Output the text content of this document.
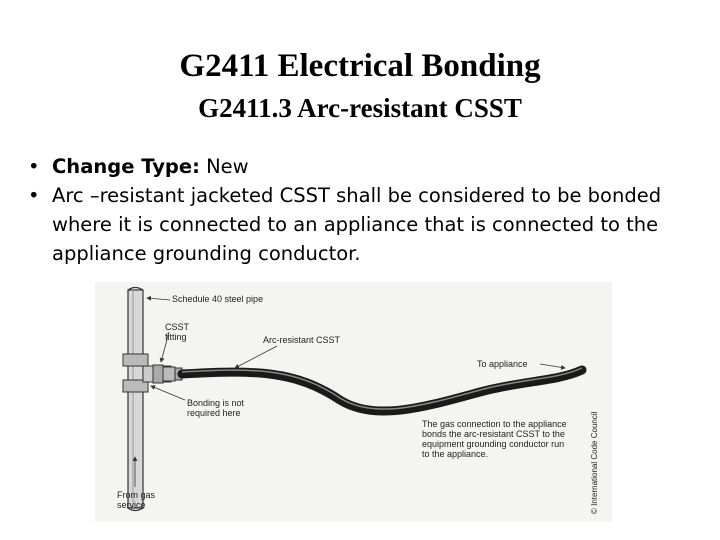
G2411 Electrical Bonding
G2411.3 Arc-resistant CSST
• Change Type: New
• Arc –resistant jacketed CSST shall be considered to be bonded where it is connected to an appliance that is connected to the appliance grounding conductor.
Schedule 40 steel pipe
CSST
fitting	Arc-resistant CSST
To appliance
Bonding is not
required here
The gas connection to the appliance
bonds the arc-resistant CSST to the
equipment grounding conductor run
to the appliance.
From gas
service	© International Code Council
